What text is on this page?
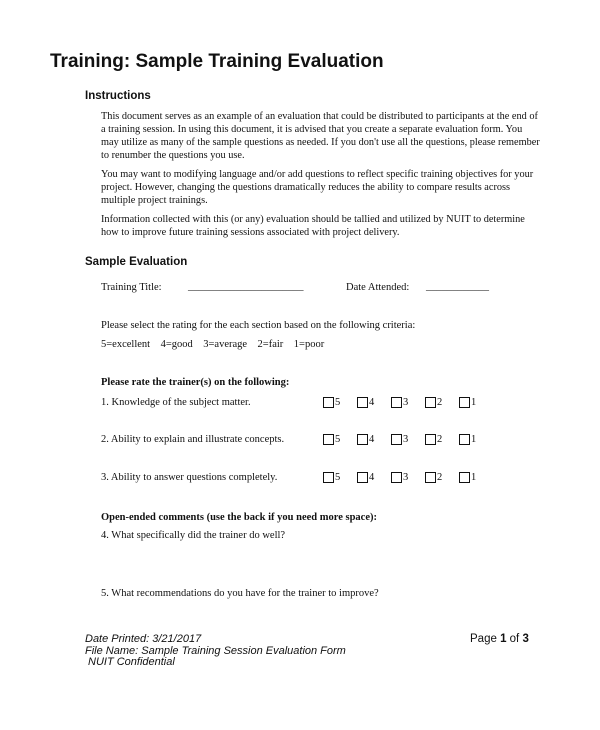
Training: Sample Training Evaluation
Instructions
This document serves as an example of an evaluation that could be distributed to participants at the end of a training session. In using this document, it is advised that you create a separate evaluation form. You may utilize as many of the sample questions as needed. If you don't use all the questions, please remember to renumber the questions you use.
You may want to modifying language and/or add questions to reflect specific training objectives for your project. However, changing the questions dramatically reduces the ability to compare results across multiple project trainings.
Information collected with this (or any) evaluation should be tallied and utilized by NUIT to determine how to improve future training sessions associated with project delivery.
Sample Evaluation
Training Title:	______________________	Date Attended: ____________
Please select the rating for the each section based on the following criteria:
5=excellent    4=good    3=average    2=fair    1=poor
Please rate the trainer(s) on the following:
1. Knowledge of the subject matter.	5	4	3	2	1
2. Ability to explain and illustrate concepts.	5	4	3	2	1
3. Ability to answer questions completely.	5	4	3	2	1
Open-ended comments (use the back if you need more space):
4. What specifically did the trainer do well?
5. What recommendations do you have for the trainer to improve?
Date Printed: 3/21/2017
File Name: Sample Training Session Evaluation Form
NUIT Confidential
Page 1 of 3
